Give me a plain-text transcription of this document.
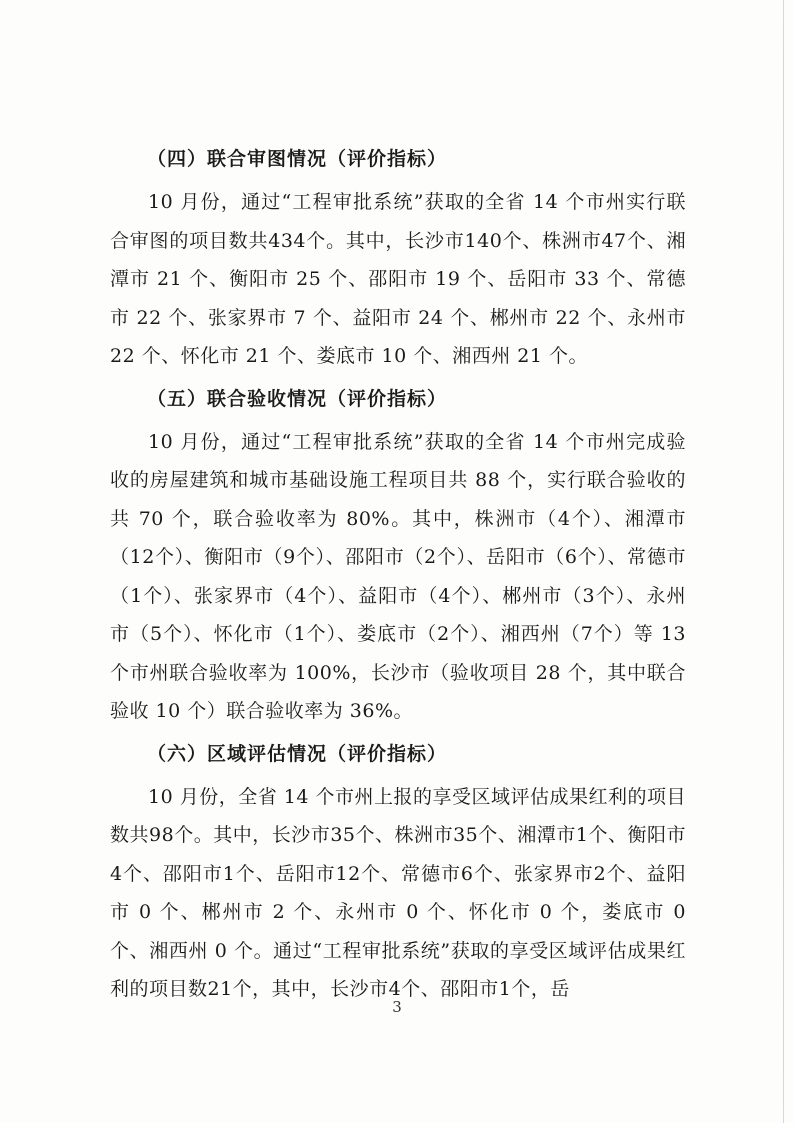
（四）联合审图情况（评价指标）

10 月份，通过“工程审批系统”获取的全省 14 个市州实行联合审图的项目数共434个。其中，长沙市140个、株洲市47个、湘潭市 21 个、衡阳市 25 个、邵阳市 19 个、岳阳市 33 个、常德市 22 个、张家界市 7 个、益阳市 24 个、郴州市 22 个、永州市 22 个、怀化市 21 个、娄底市 10 个、湘西州 21 个。

（五）联合验收情况（评价指标）

10 月份，通过“工程审批系统”获取的全省 14 个市州完成验收的房屋建筑和城市基础设施工程项目共 88 个，实行联合验收的共 70 个，联合验收率为 80%。其中，株洲市（4个）、湘潭市（12个）、衡阳市（9个）、邵阳市（2个）、岳阳市（6个）、常德市（1个）、张家界市（4个）、益阳市（4个）、郴州市（3个）、永州市（5个）、怀化市（1个）、娄底市（2个）、湘西州（7个）等 13 个市州联合验收率为 100%，长沙市（验收项目 28 个，其中联合验收 10 个）联合验收率为 36%。

（六）区域评估情况（评价指标）

10 月份，全省 14 个市州上报的享受区域评估成果红利的项目数共98个。其中，长沙市35个、株洲市35个、湘潭市1个、衡阳市4个、邵阳市1个、岳阳市12个、常德市6个、张家界市2个、益阳市 0 个、郴州市 2 个、永州市 0 个、怀化市 0 个，娄底市 0 个、湘西州 0 个。通过“工程审批系统”获取的享受区域评估成果红利的项目数21个，其中，长沙市4个、邵阳市1个，岳

3
